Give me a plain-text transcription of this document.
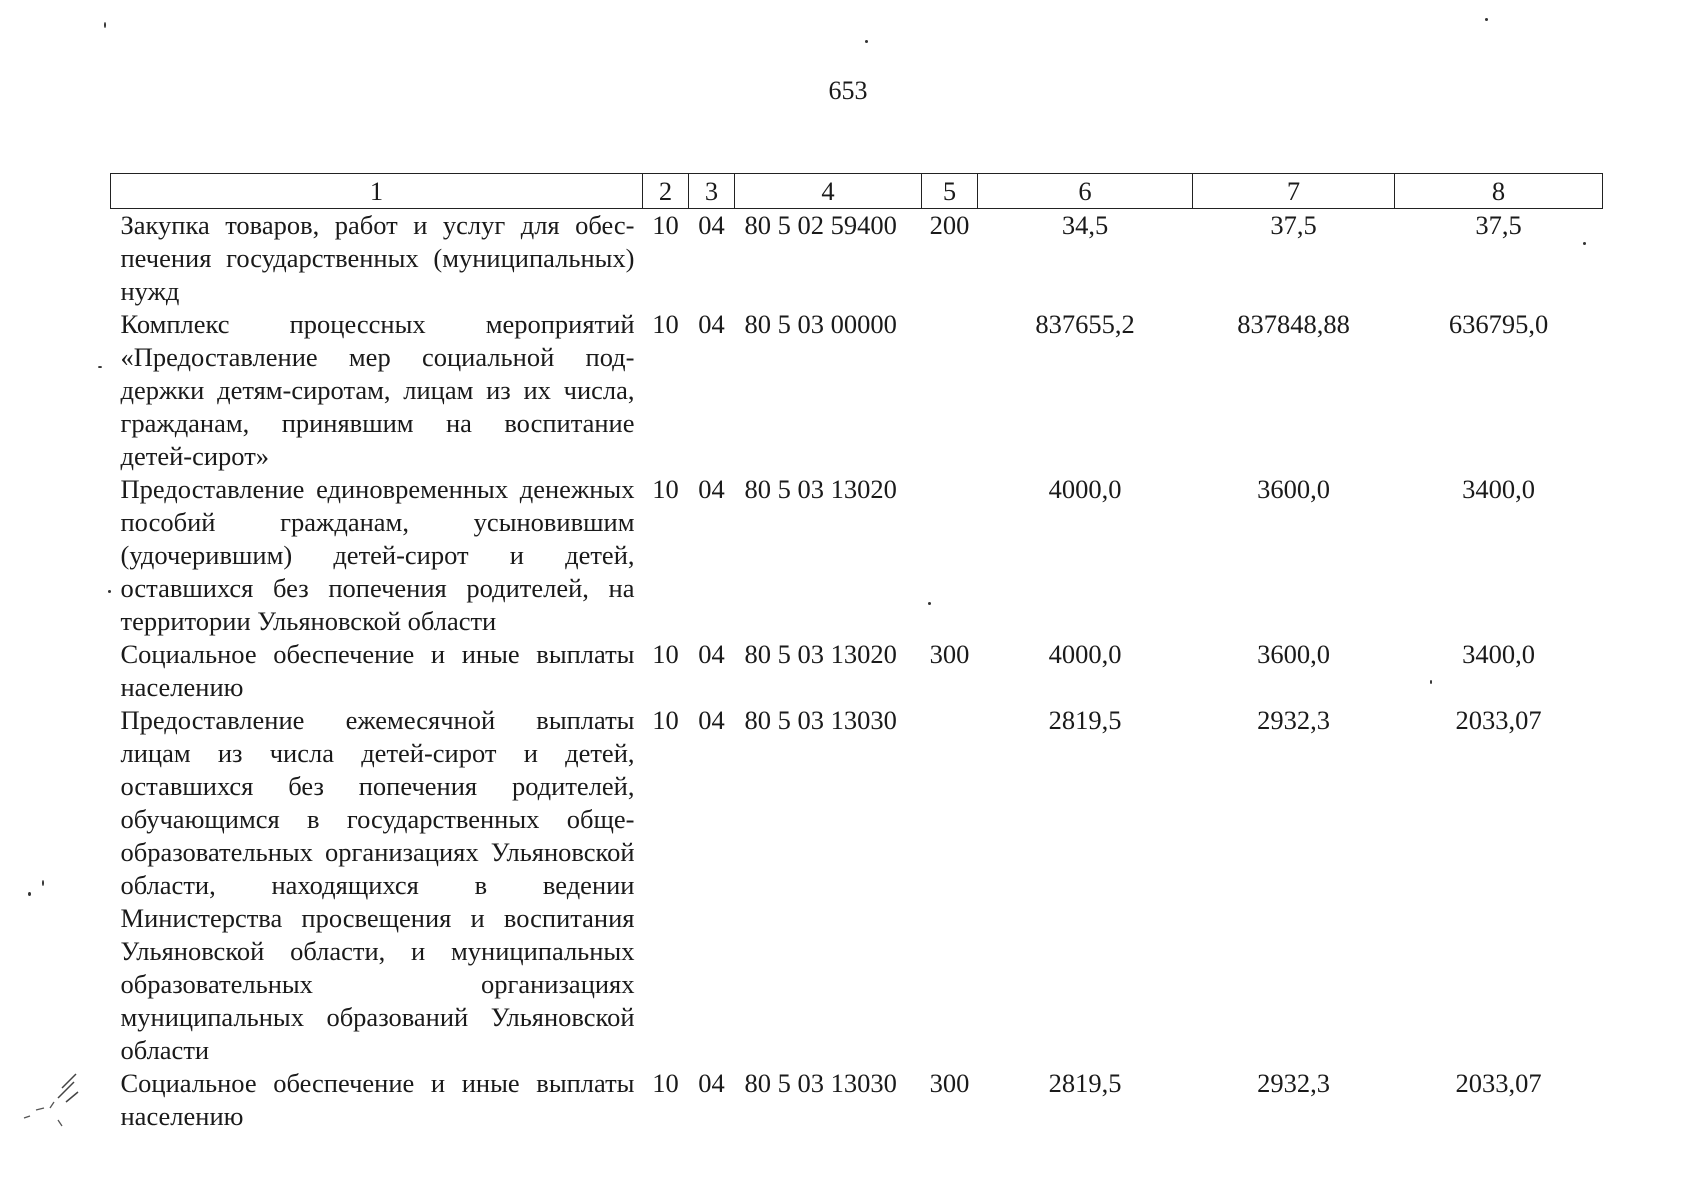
653
1	2	3	4	5	6	7	8
Закупка товаров, работ и услуг для обеспечения государственных (муниципальных) нужд	10	04	80 5 02 59400	200	34,5	37,5	37,5
Комплекс процессных мероприятий «Предоставление мер социальной поддержки детям-сиротам, лицам из их числа, гражданам, принявшим на воспитание детей-сирот»	10	04	80 5 03 00000		837655,2	837848,88	636795,0
Предоставление единовременных денежных пособий гражданам, усыновившим (удочерившим) детей-сирот и детей, оставшихся без попечения родителей, на территории Ульяновской области	10	04	80 5 03 13020		4000,0	3600,0	3400,0
Социальное обеспечение и иные выплаты населению	10	04	80 5 03 13020	300	4000,0	3600,0	3400,0
Предоставление ежемесячной выплаты лицам из числа детей-сирот и детей, оставшихся без попечения родителей, обучающимся в государственных общеобразовательных организациях Ульяновской области, находящихся в ведении Министерства просвещения и воспитания Ульяновской области, и муниципальных образовательных организациях муниципальных образований Ульяновской области	10	04	80 5 03 13030		2819,5	2932,3	2033,07
Социальное обеспечение и иные выплаты населению	10	04	80 5 03 13030	300	2819,5	2932,3	2033,07
